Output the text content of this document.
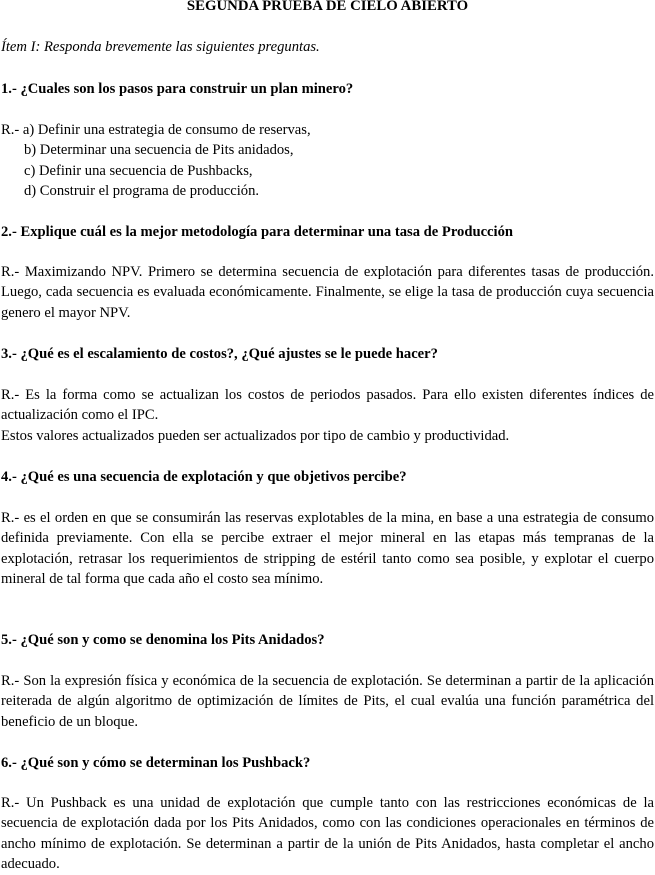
SEGUNDA PRUEBA DE CIELO ABIERTO

Ítem I: Responda brevemente las siguientes preguntas.

1.- ¿Cuales son los pasos para construir un plan minero?

R.- a) Definir una estrategia de consumo de reservas,
b) Determinar una secuencia de Pits anidados,
c) Definir una secuencia de Pushbacks,
d) Construir el programa de producción.

2.- Explique cuál es la mejor metodología para determinar una tasa de Producción

R.- Maximizando NPV. Primero se determina secuencia de explotación para diferentes tasas de producción. Luego, cada secuencia es evaluada económicamente. Finalmente, se elige la tasa de producción cuya secuencia genero el mayor NPV.

3.- ¿Qué es el escalamiento de costos?, ¿Qué ajustes se le puede hacer?

R.- Es la forma como se actualizan los costos de periodos pasados. Para ello existen diferentes índices de actualización como el IPC.
Estos valores actualizados pueden ser actualizados por tipo de cambio y productividad.

4.- ¿Qué es una secuencia de explotación y que objetivos percibe?

R.- es el orden en que se consumirán las reservas explotables de la mina, en base a una estrategia de consumo definida previamente. Con ella se percibe extraer el mejor mineral en las etapas más tempranas de la explotación, retrasar los requerimientos de stripping de estéril tanto como sea posible, y explotar el cuerpo mineral de tal forma que cada año el costo sea mínimo.

5.- ¿Qué son y como se denomina los Pits Anidados?

R.- Son la expresión física y económica de la secuencia de explotación. Se determinan a partir de la aplicación reiterada de algún algoritmo de optimización de límites de Pits, el cual evalúa una función paramétrica del beneficio de un bloque.

6.- ¿Qué son y cómo se determinan los Pushback?

R.- Un Pushback es una unidad de explotación que cumple tanto con las restricciones económicas de la secuencia de explotación dada por los Pits Anidados, como con las condiciones operacionales en términos de ancho mínimo de explotación. Se determinan a partir de la unión de Pits Anidados, hasta completar el ancho adecuado.
